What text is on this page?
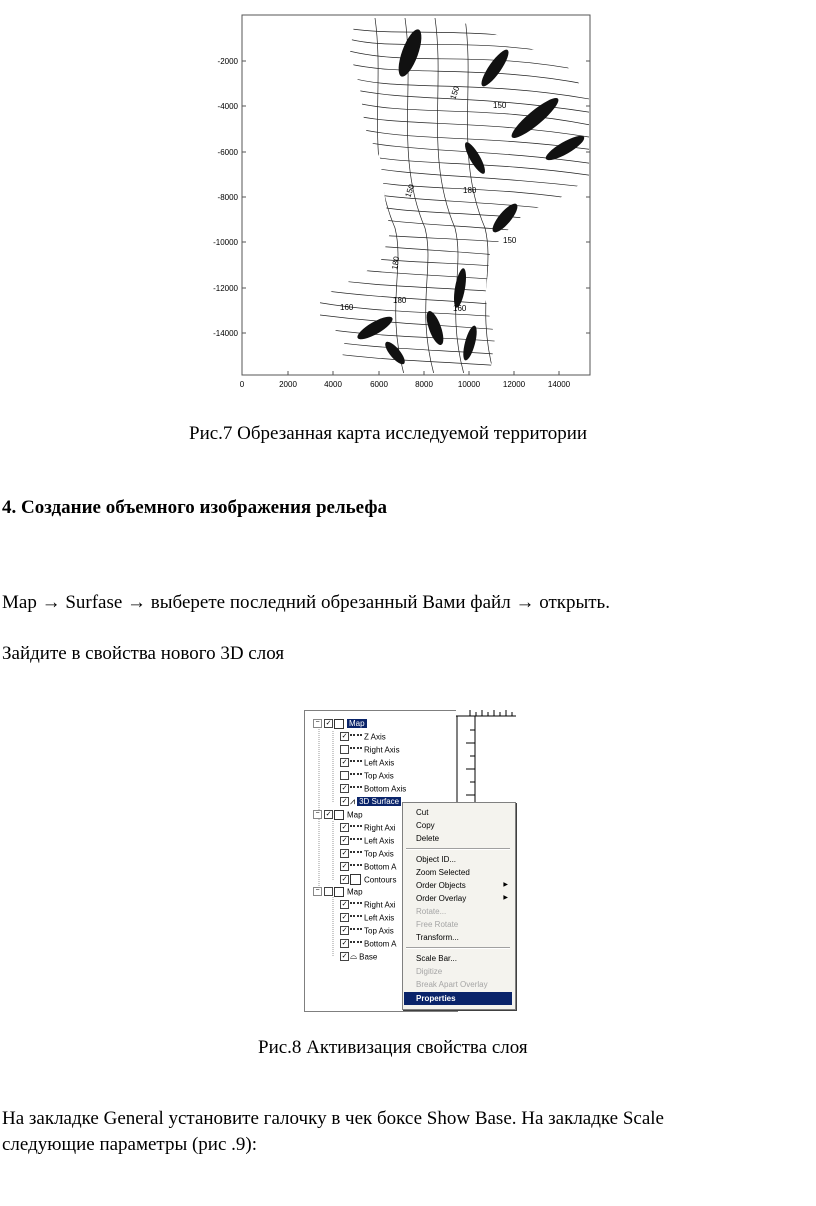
150
150
180
150
150
180
160
180
160
-2000
-4000
-6000
-8000
-10000
-12000
-14000
0	2000	4000	6000	8000	10000	12000	14000
Рис.7 Обрезанная карта исследуемой территории
4. Создание объемного изображения рельефа
Map → Surfase → выберете последний обрезанный Вами файл → открыть.
Зайдите в свойства нового 3D слоя
− ✓ Map
✓ Z Axis
Right Axis
✓ Left Axis
Top Axis
✓ Bottom Axis
✓ ⩘ 3D Surface
− ✓ Map
✓ Right Axi
✓ Left Axis
✓ Top Axis
✓ Bottom A
✓ Contours
−	Map
✓ Right Axi
✓ Left Axis
✓ Top Axis
✓ Bottom A
✓ ⌓ Base
Cut
Copy
Delete
Object ID...
Zoom Selected
Order Objects	▶
Order Overlay	▶
Rotate...
Free Rotate
Transform...
Scale Bar...
Digitize
Break Apart Overlay
Properties
Рис.8 Активизация свойства слоя
На закладке General установите галочку в чек боксе Show Base. На закладке Scale
следующие параметры (рис .9):
